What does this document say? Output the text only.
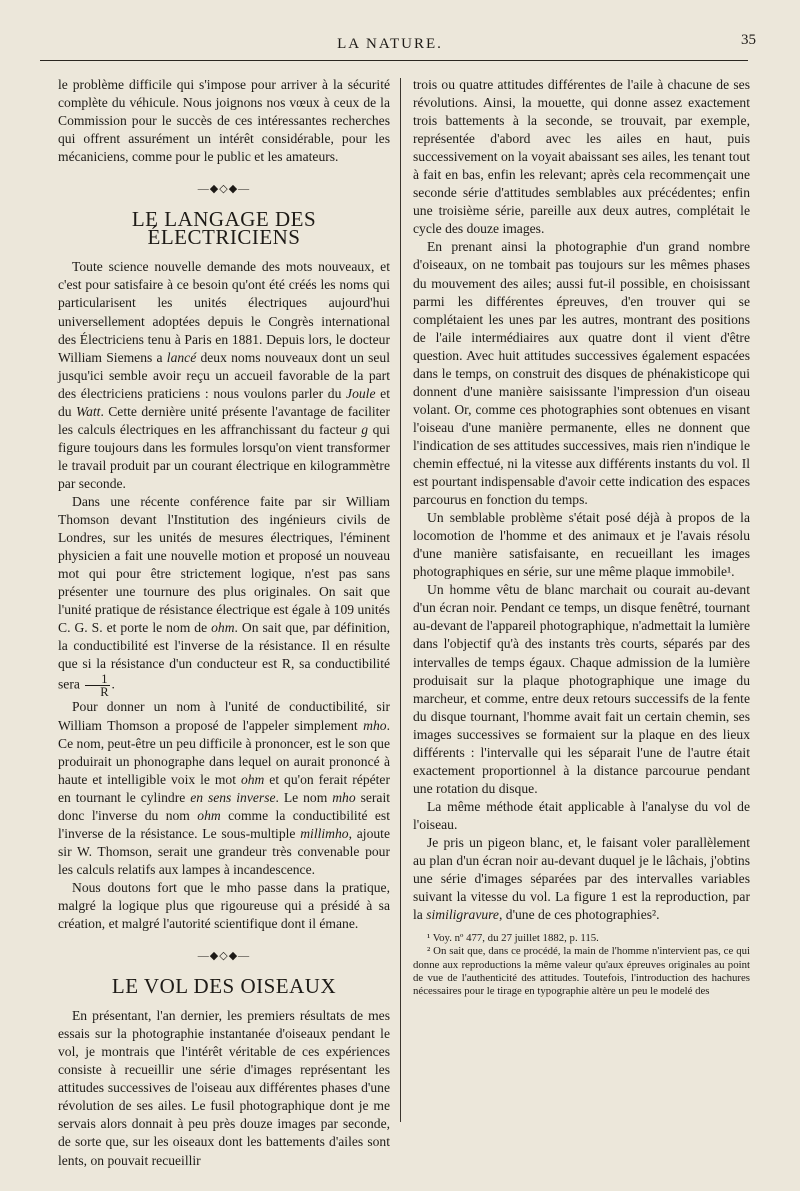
LA NATURE.	35

le problème difficile qui s'impose pour arriver à la sécurité complète du véhicule. Nous joignons nos vœux à ceux de la Commission pour le succès de ces intéressantes recherches qui offrent assurément un intérêt considérable, pour les mécaniciens, comme pour le public et les amateurs.

—◆◇◆—
LE LANGAGE DES ÉLECTRICIENS

Toute science nouvelle demande des mots nouveaux, et c'est pour satisfaire à ce besoin qu'ont été créés les noms qui particularisent les unités électriques aujourd'hui universellement adoptées depuis le Congrès international des Électriciens tenu à Paris en 1881. Depuis lors, le docteur William Siemens a lancé deux noms nouveaux dont un seul jusqu'ici semble avoir reçu un accueil favorable de la part des électriciens praticiens : nous voulons parler du Joule et du Watt. Cette dernière unité présente l'avantage de faciliter les calculs électriques en les affranchissant du facteur g qui figure toujours dans les formules lorsqu'on vient transformer le travail produit par un courant électrique en kilogrammètre par seconde.

Dans une récente conférence faite par sir William Thomson devant l'Institution des ingénieurs civils de Londres, sur les unités de mesures électriques, l'éminent physicien a fait une nouvelle motion et proposé un nouveau mot qui pour être strictement logique, n'est pas sans présenter une tournure des plus originales. On sait que l'unité pratique de résistance électrique est égale à 109 unités C. G. S. et porte le nom de ohm. On sait que, par définition, la conductibilité est l'inverse de la résistance. Il en résulte que si la résistance d'un conducteur est R, sa conductibilité sera $\frac{1}{R}$ .

Pour donner un nom à l'unité de conductibilité, sir William Thomson a proposé de l'appeler simplement mho. Ce nom, peut-être un peu difficile à prononcer, est le son que produirait un phonographe dans lequel on aurait prononcé à haute et intelligible voix le mot ohm et qu'on ferait répéter en tournant le cylindre en sens inverse. Le nom mho serait donc l'inverse du nom ohm comme la conductibilité est l'inverse de la résistance. Le sous-multiple millimho, ajoute sir W. Thomson, serait une grandeur très convenable pour les calculs relatifs aux lampes à incandescence.

Nous doutons fort que le mho passe dans la pratique, malgré la logique plus que rigoureuse qui a présidé à sa création, et malgré l'autorité scientifique dont il émane.

—◆◇◆—
LE VOL DES OISEAUX

En présentant, l'an dernier, les premiers résultats de mes essais sur la photographie instantanée d'oiseaux pendant le vol, je montrais que l'intérêt véritable de ces expériences consiste à recueillir une série d'images représentant les attitudes successives de l'oiseau aux différentes phases d'une révolution de ses ailes. Le fusil photographique dont je me servais alors donnait à peu près douze images par seconde, de sorte que, sur les oiseaux dont les battements d'ailes sont lents, on pouvait recueillir

trois ou quatre attitudes différentes de l'aile à chacune de ses révolutions. Ainsi, la mouette, qui donne assez exactement trois battements à la seconde, se trouvait, par exemple, représentée d'abord avec les ailes en haut, puis successivement on la voyait abaissant ses ailes, les tenant tout à fait en bas, enfin les relevant; après cela recommençait une seconde série d'attitudes semblables aux précédentes; enfin une troisième série, pareille aux deux autres, complétait le cycle des douze images.

En prenant ainsi la photographie d'un grand nombre d'oiseaux, on ne tombait pas toujours sur les mêmes phases du mouvement des ailes; aussi fut-il possible, en choisissant parmi les différentes épreuves, d'en trouver qui se complétaient les unes par les autres, montrant des positions de l'aile intermédiaires aux quatre dont il vient d'être question. Avec huit attitudes successives également espacées dans le temps, on construit des disques de phénakisticope qui donnent d'une manière saisissante l'impression d'un oiseau volant. Or, comme ces photographies sont obtenues en visant l'oiseau d'une manière permanente, elles ne donnent que l'indication de ses attitudes successives, mais rien n'indique le chemin effectué, ni la vitesse aux différents instants du vol. Il est pourtant indispensable d'avoir cette indication des espaces parcourus en fonction du temps.

Un semblable problème s'était posé déjà à propos de la locomotion de l'homme et des animaux et je l'avais résolu d'une manière satisfaisante, en recueillant les images photographiques en série, sur une même plaque immobile¹.

Un homme vêtu de blanc marchait ou courait au-devant d'un écran noir. Pendant ce temps, un disque fenêtré, tournant au-devant de l'appareil photographique, n'admettait la lumière dans l'objectif qu'à des instants très courts, séparés par des intervalles de temps égaux. Chaque admission de la lumière produisait sur la plaque photographique une image du marcheur, et comme, entre deux retours successifs de la fente du disque tournant, l'homme avait fait un certain chemin, ses images successives se formaient sur la plaque en des lieux différents : l'intervalle qui les séparait l'une de l'autre était exactement proportionnel à la distance parcourue pendant une rotation du disque.

La même méthode était applicable à l'analyse du vol de l'oiseau.

Je pris un pigeon blanc, et, le faisant voler parallèlement au plan d'un écran noir au-devant duquel je le lâchais, j'obtins une série d'images séparées par des intervalles variables suivant la vitesse du vol. La figure 1 est la reproduction, par la similigravure, d'une de ces photographies².

¹ Voy. nº 477, du 27 juillet 1882, p. 115.

² On sait que, dans ce procédé, la main de l'homme n'intervient pas, ce qui donne aux reproductions la même valeur qu'aux épreuves originales au point de vue de l'authenticité des attitudes. Toutefois, l'introduction des hachures nécessaires pour le tirage en typographie altère un peu le modelé des
